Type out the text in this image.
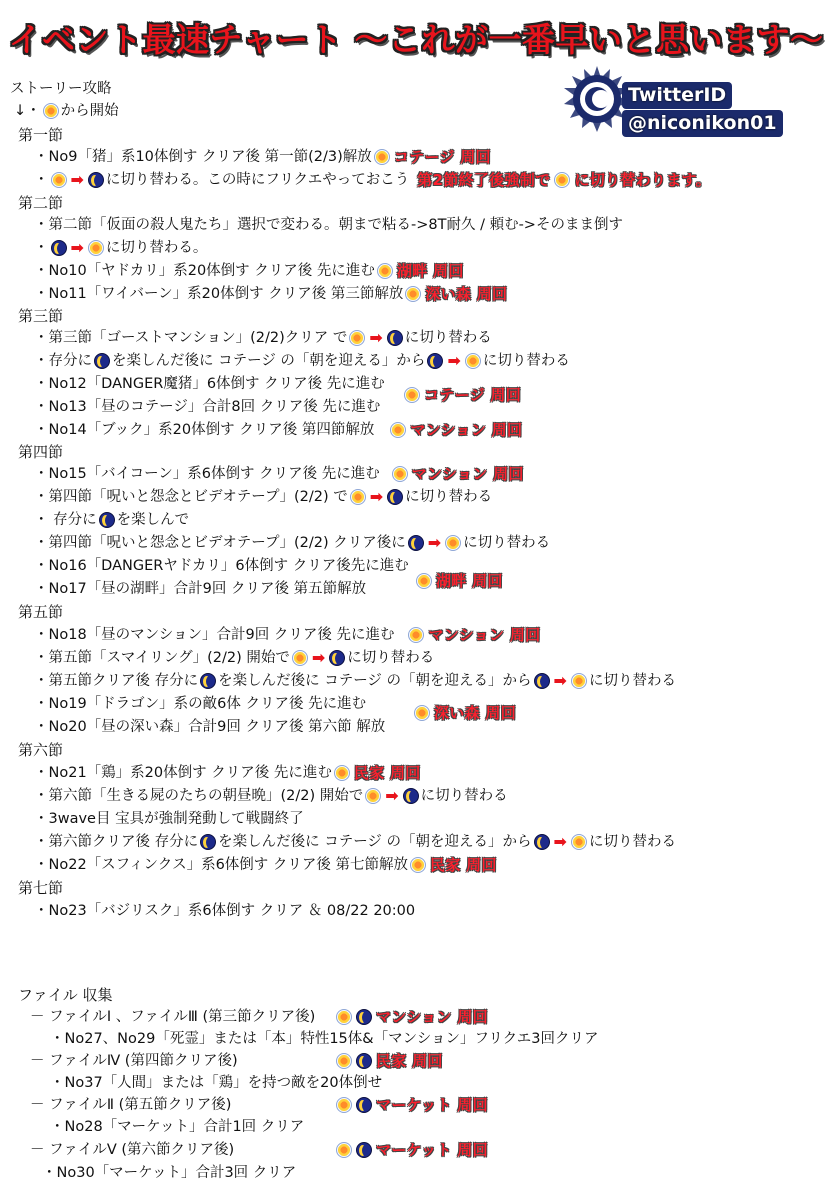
イベント最速チャート ～これが一番早いと思います～
TwitterID
@niconikon01
ストーリー攻略
↓・ から開始
第一節
・No9「猪」系10体倒す クリア後 第一節(2/3)解放 コテージ 周回
・ ➡ に切り替わる。この時にフリクエやっておこう 第2節終了後強制で に切り替わります。
第二節
・第二節「仮面の殺人鬼たち」選択で変わる。朝まで粘る->8T耐久 / 頼む->そのまま倒す
・ ➡ に切り替わる。
・No10「ヤドカリ」系20体倒す クリア後 先に進む 湖畔 周回
・No11「ワイバーン」系20体倒す クリア後 第三節解放 深い森 周回
第三節
・第三節「ゴーストマンション」(2/2)クリア で ➡ に切り替わる
・存分に を楽しんだ後に コテージ の「朝を迎える」から ➡ に切り替わる
・No12「DANGER魔猪」6体倒す クリア後 先に進む
コテージ 周回
・No13「昼のコテージ」合計8回 クリア後 先に進む
・No14「ブック」系20体倒す クリア後 第四節解放 マンション 周回
第四節
・No15「バイコーン」系6体倒す クリア後 先に進む マンション 周回
・第四節「呪いと怨念とビデオテープ」(2/2) で ➡ に切り替わる
・ 存分に を楽しんで
・第四節「呪いと怨念とビデオテープ」(2/2) クリア後に ➡ に切り替わる
・No16「DANGERヤドカリ」6体倒す クリア後先に進む
湖畔 周回
・No17「昼の湖畔」合計9回 クリア後 第五節解放
第五節
・No18「昼のマンション」合計9回 クリア後 先に進む マンション 周回
・第五節「スマイリング」(2/2) 開始で ➡ に切り替わる
・第五節クリア後 存分に を楽しんだ後に コテージ の「朝を迎える」から ➡ に切り替わる
・No19「ドラゴン」系の敵6体 クリア後 先に進む	深い森 周回
・No20「昼の深い森」合計9回 クリア後 第六節 解放
第六節
・No21「鶏」系20体倒す クリア後 先に進む 民家 周回
・第六節「生きる屍のたちの朝昼晩」(2/2) 開始で ➡ に切り替わる
・3wave目 宝具が強制発動して戦闘終了
・第六節クリア後 存分に を楽しんだ後に コテージ の「朝を迎える」から ➡ に切り替わる
・No22「スフィンクス」系6体倒す クリア後 第七節解放 民家 周回
第七節
・No23「バジリスク」系6体倒す クリア ＆ 08/22 20:00
ファイル 収集
－ ファイルⅠ 、ファイルⅢ (第三節クリア後)	マンション 周回
・No27、No29「死霊」または「本」特性15体&「マンション」フリクエ3回クリア
－ ファイルⅣ (第四節クリア後)	民家 周回
・No37「人間」または「鶏」を持つ敵を20体倒せ
－ ファイルⅡ (第五節クリア後)	マーケット 周回
・No28「マーケット」合計1回 クリア
－ ファイルⅤ (第六節クリア後)	マーケット 周回
・No30「マーケット」合計3回 クリア
